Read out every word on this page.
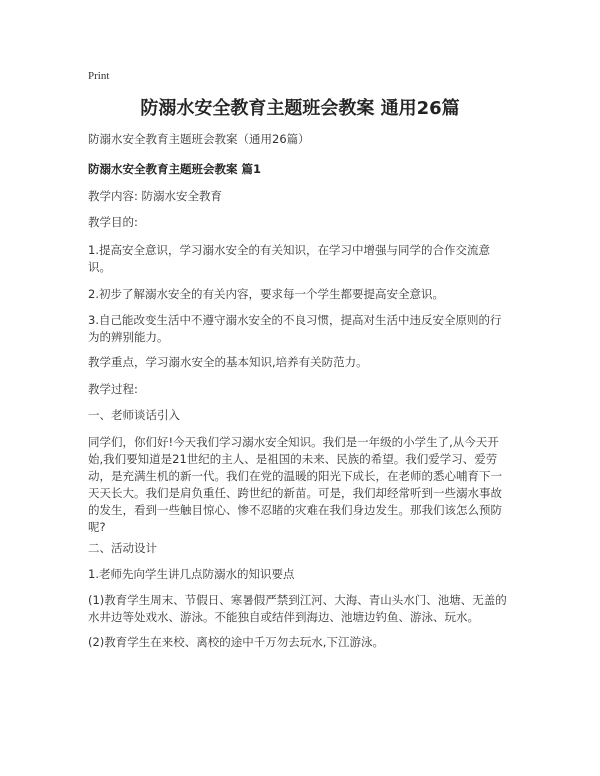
Print
防溺水安全教育主题班会教案 通用26篇
防溺水安全教育主题班会教案（通用26篇）
防溺水安全教育主题班会教案 篇1
教学内容: 防溺水安全教育
教学目的:
1.提高安全意识，学习溺水安全的有关知识，在学习中增强与同学的合作交流意识。
2.初步了解溺水安全的有关内容，要求每一个学生都要提高安全意识。
3.自己能改变生活中不遵守溺水安全的不良习惯，提高对生活中违反安全原则的行为的辨别能力。
教学重点，学习溺水安全的基本知识,培养有关防范力。
教学过程:
一、老师谈话引入
同学们，你们好!今天我们学习溺水安全知识。我们是一年级的小学生了,从今天开始,我们要知道是21世纪的主人、是祖国的未来、民族的希望。我们爱学习、爱劳动，是充满生机的新一代。我们在党的温暖的阳光下成长，在老师的悉心哺育下一天天长大。我们是肩负重任、跨世纪的新苗。可是，我们却经常听到一些溺水事故的发生，看到一些触目惊心、惨不忍睹的灾难在我们身边发生。那我们该怎么预防呢?
二、活动设计
1.老师先向学生讲几点防溺水的知识要点
(1)教育学生周末、节假日、寒暑假严禁到江河、大海、青山头水门、池塘、无盖的水井边等处戏水、游泳。不能独自或结伴到海边、池塘边钓鱼、游泳、玩水。
(2)教育学生在来校、离校的途中千万勿去玩水,下江游泳。
